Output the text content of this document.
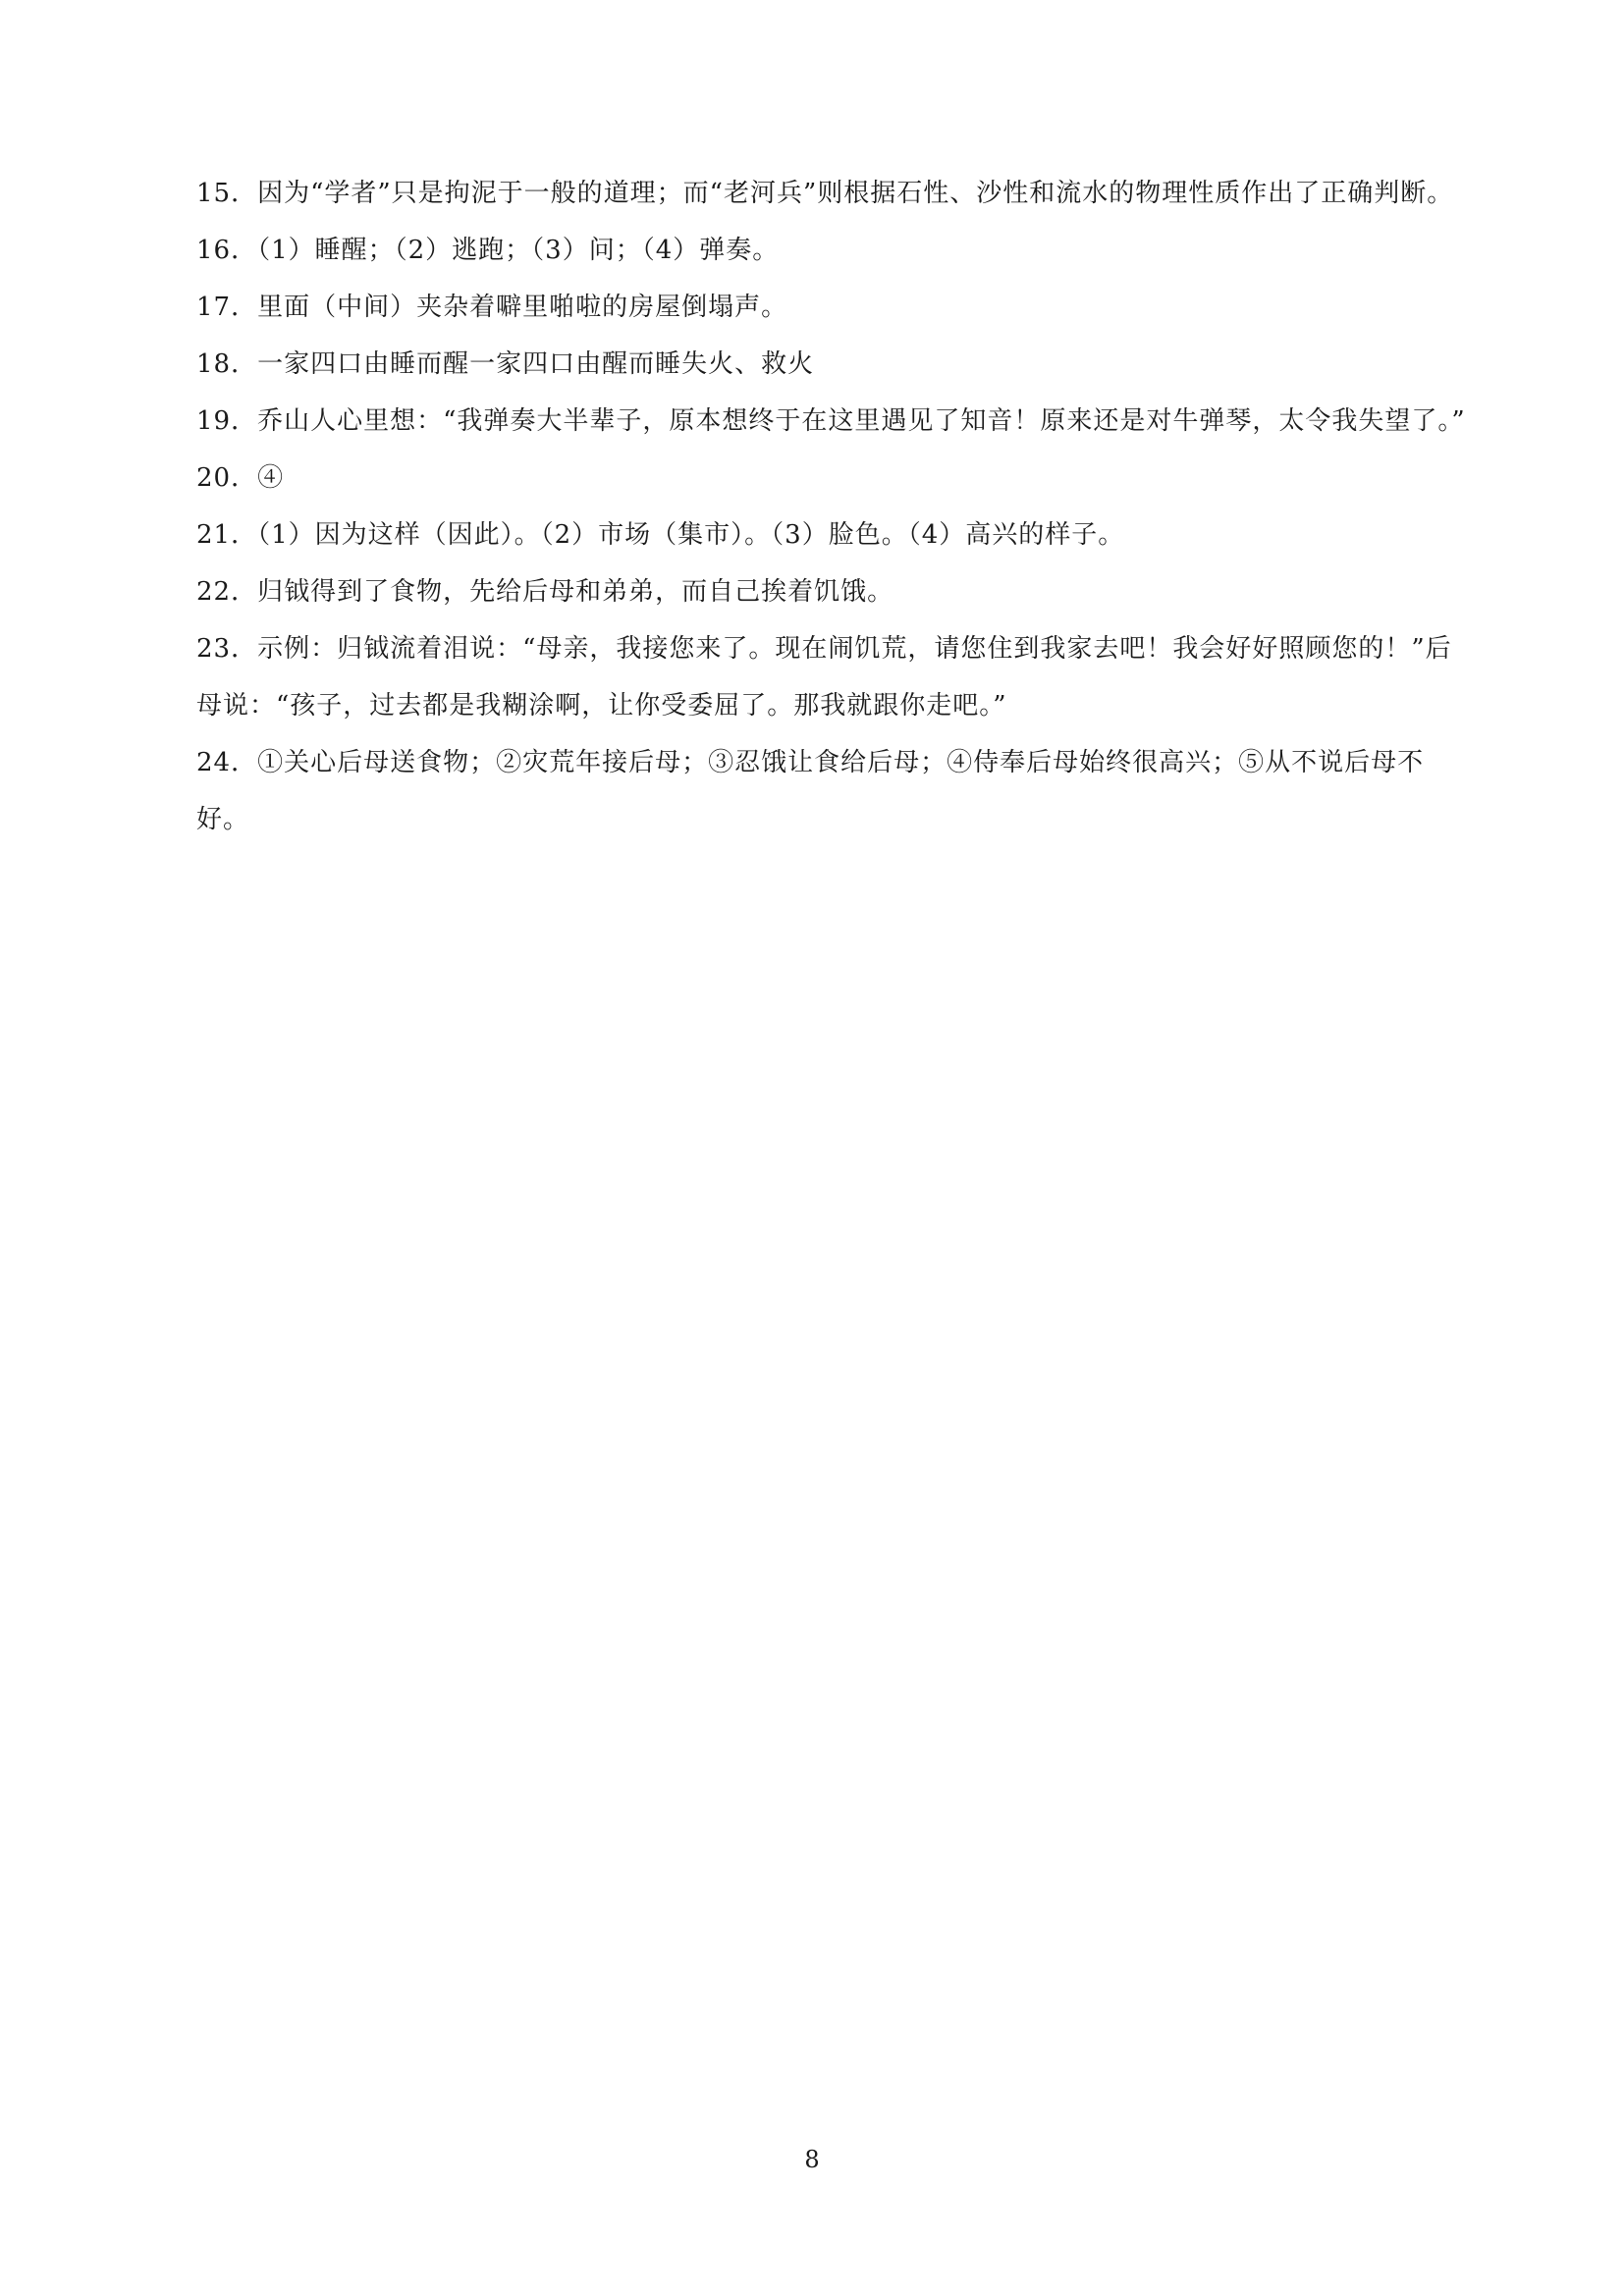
15．因为“学者”只是拘泥于一般的道理；而“老河兵”则根据石性、沙性和流水的物理性质作出了正确判断。

16．（1）睡醒；（2）逃跑；（3）问；（4）弹奏。

17．里面（中间）夹杂着噼里啪啦的房屋倒塌声。

18．一家四口由睡而醒一家四口由醒而睡失火、救火

19．乔山人心里想：“我弹奏大半辈子，原本想终于在这里遇见了知音！原来还是对牛弹琴，太令我失望了。”

20．④

21．（1）因为这样（因此）。（2）市场（集市）。（3）脸色。（4）高兴的样子。

22．归钺得到了食物，先给后母和弟弟，而自己挨着饥饿。

23．示例：归钺流着泪说：“母亲，我接您来了。现在闹饥荒，请您住到我家去吧！我会好好照顾您的！”后母说：“孩子，过去都是我糊涂啊，让你受委屈了。那我就跟你走吧。”

24．①关心后母送食物；②灾荒年接后母；③忍饿让食给后母；④侍奉后母始终很高兴；⑤从不说后母不好。

8
